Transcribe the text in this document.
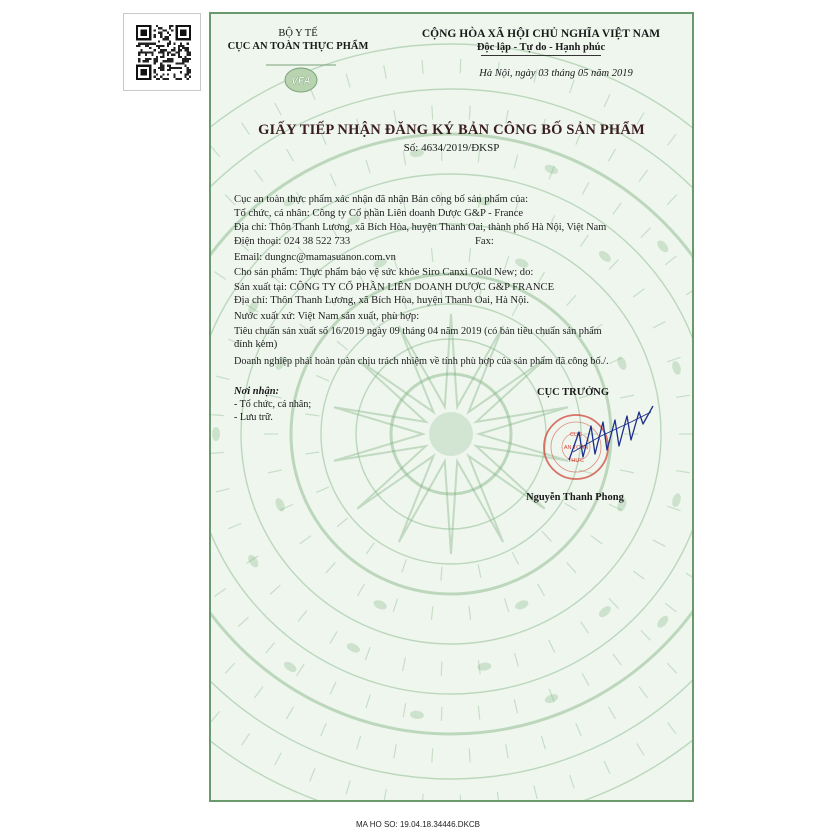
BỘ Y TẾ
CỤC AN TOÀN THỰC PHẨM
VFA
CỘNG HÒA XÃ HỘI CHỦ NGHĨA VIỆT NAM
Độc lập - Tự do - Hạnh phúc
Hà Nội, ngày 03 tháng 05 năm 2019
GIẤY TIẾP NHẬN ĐĂNG KÝ BẢN CÔNG BỐ SẢN PHẨM
Số: 4634/2019/ĐKSP
Cục an toàn thực phẩm xác nhận đã nhận Bản công bố sản phẩm của:
Tổ chức, cá nhân: Công ty Cổ phần Liên doanh Dược G&P - France
Địa chỉ: Thôn Thanh Lương, xã Bích Hòa, huyện Thanh Oai, thành phố Hà Nội, Việt Nam
Điện thoại: 024 38 522 733	Fax:
Email: dungnc@mamasuanon.com.vn
Cho sản phẩm: Thực phẩm bảo vệ sức khỏe Siro Canxi Gold New; do:
Sản xuất tại: CÔNG TY CỔ PHẦN LIÊN DOANH DƯỢC G&P FRANCE
Địa chỉ: Thôn Thanh Lương, xã Bích Hòa, huyện Thanh Oai, Hà Nội.
Nước xuất xứ: Việt Nam sản xuất, phù hợp:
Tiêu chuẩn sản xuất số 16/2019 ngày 09 tháng 04 năm 2019 (có bản tiêu chuẩn sản phẩm
đính kèm)
Doanh nghiệp phải hoàn toàn chịu trách nhiệm về tính phù hợp của sản phẩm đã công bố./.
Nơi nhận:
- Tổ chức, cá nhân;
- Lưu trữ.
CỤC TRƯỞNG
CỤC
AN TOÀN
THỰC
Nguyễn Thanh Phong
MA HO SO: 19.04.18.34446.DKCB
